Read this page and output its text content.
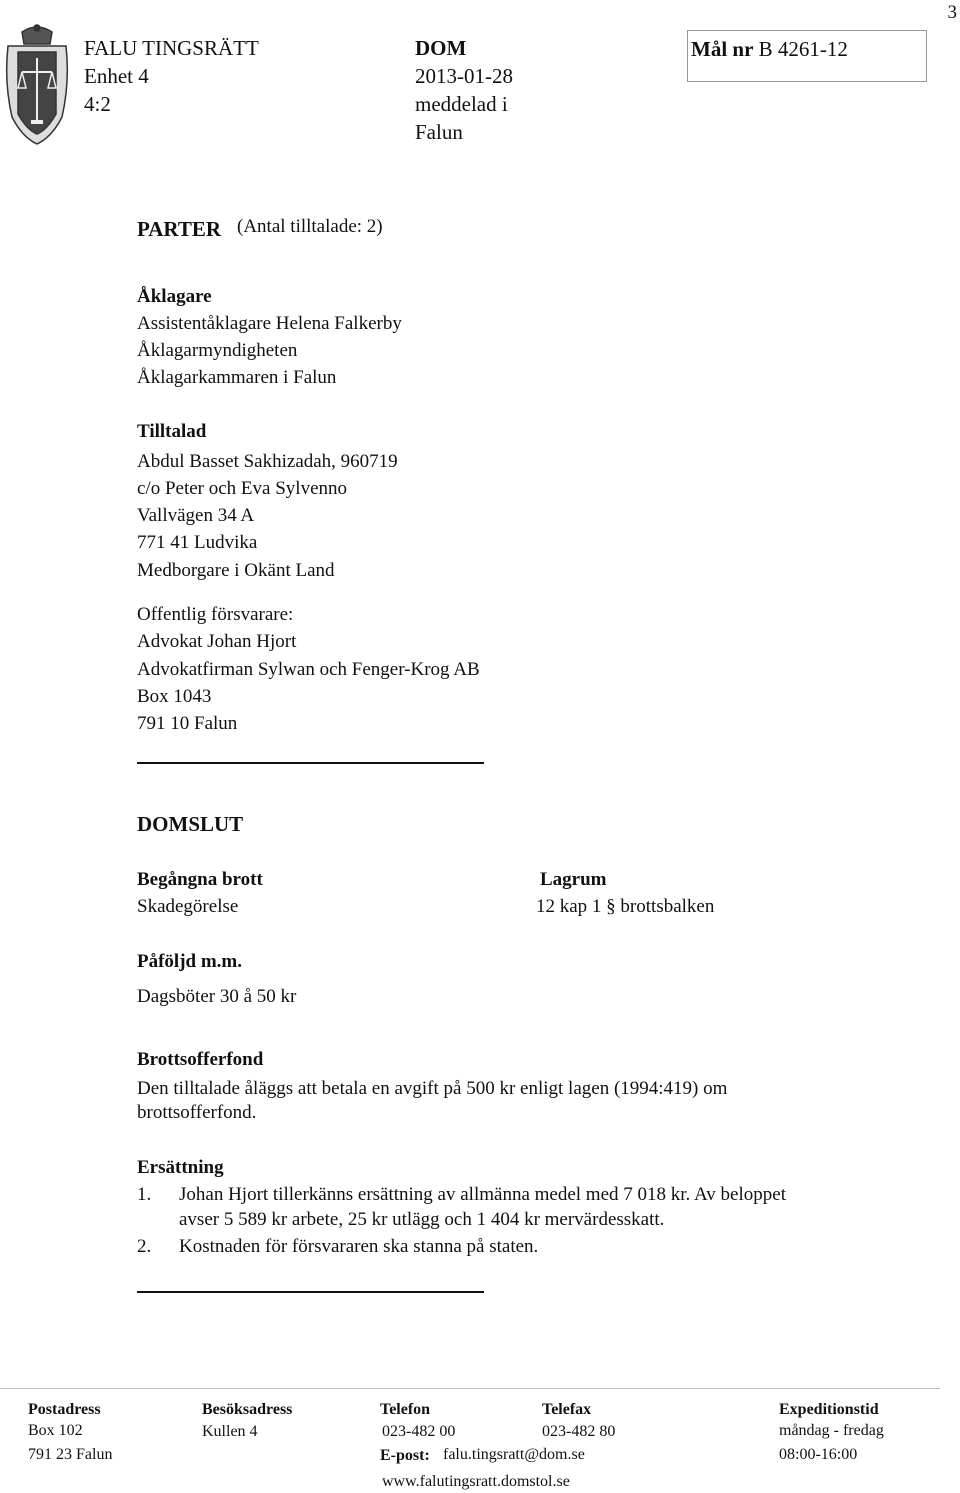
3
FALU TINGSRÄTT
Enhet 4
4:2
DOM
2013-01-28
meddelad i
Falun
Mål nr B 4261-12
PARTER (Antal tilltalade: 2)
Åklagare
Assistentåklagare Helena Falkerby
Åklagarmyndigheten
Åklagarkammaren i Falun
Tilltalad
Abdul Basset Sakhizadah, 960719
c/o Peter och Eva Sylvenno
Vallvägen 34 A
771 41 Ludvika
Medborgare i Okänt Land
Offentlig försvarare:
Advokat Johan Hjort
Advokatfirman Sylwan och Fenger-Krog AB
Box 1043
791 10 Falun
DOMSLUT
Begångna brott
Skadegörelse
Lagrum
12 kap 1 § brottsbalken
Påföljd m.m.
Dagsböter 30 å 50 kr
Brottsofferfond
Den tilltalade åläggs att betala en avgift på 500 kr enligt lagen (1994:419) om
brottsofferfond.
Ersättning
1. Johan Hjort tillerkänns ersättning av allmänna medel med 7 018 kr. Av beloppet
avser 5 589 kr arbete, 25 kr utlägg och 1 404 kr mervärdesskatt.
2. Kostnaden för försvararen ska stanna på staten.
Postadress
Box 102
791 23 Falun
Besöksadress
Kullen 4
Telefon
023-482 00
Telefax
023-482 80
E-post: falu.tingsratt@dom.se
www.falutingsratt.domstol.se
Expeditionstid
måndag - fredag
08:00-16:00
